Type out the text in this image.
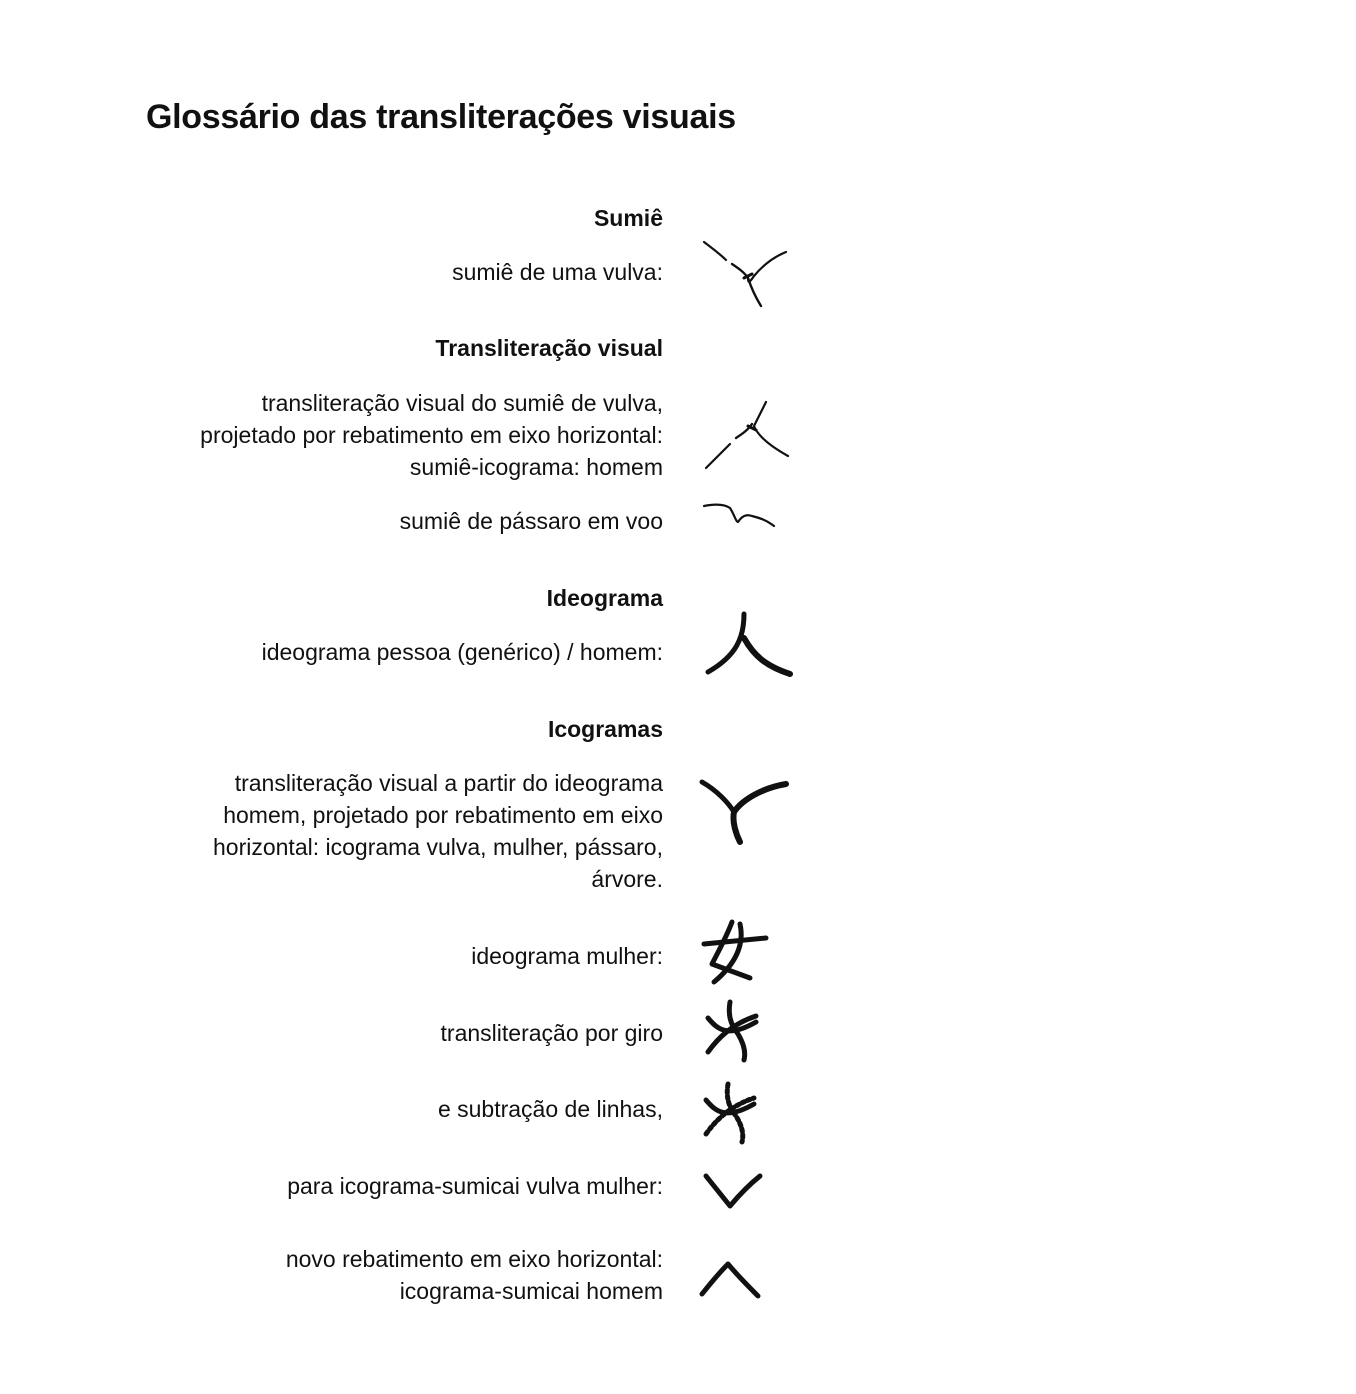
Glossário das transliterações visuais
Sumiê
sumiê de uma vulva:
Transliteração visual
transliteração visual do sumiê de vulva,
projetado por rebatimento em eixo horizontal:
sumiê-icograma: homem
sumiê de pássaro em voo
Ideograma
ideograma pessoa (genérico) / homem:
Icogramas
transliteração visual a partir do ideograma
homem, projetado por rebatimento em eixo
horizontal: icograma vulva, mulher, pássaro,
árvore.
ideograma mulher:
transliteração por giro
e subtração de linhas,
para icograma-sumicai vulva mulher:
novo rebatimento em eixo horizontal:
icograma-sumicai homem
